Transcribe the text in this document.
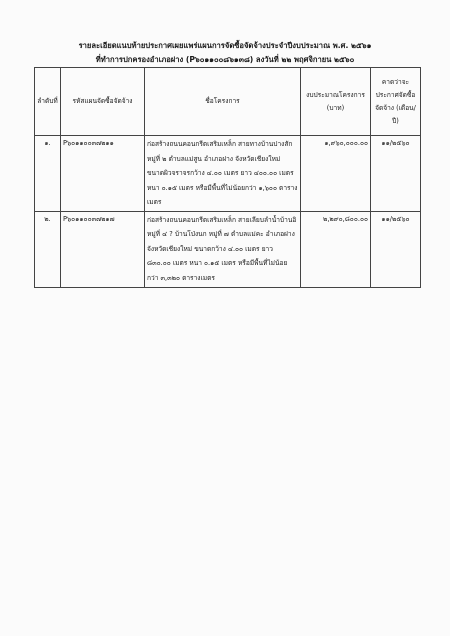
รายละเอียดแนบท้ายประกาศเผยแพร่แผนการจัดซื้อจัดจ้างประจำปีงบประมาณ พ.ศ. ๒๕๖๑
ที่ทำการปกครองอำเภอฝาง (P๖๐๑๑๐๐๘๖๑๓๘) ลงวันที่ ๒๒ พฤศจิกายน ๒๕๖๐
ลำดับที่	รหัสแผนจัดซื้อจัดจ้าง	ชื่อโครงการ	งบประมาณโครงการ (บาท)	คาดว่าจะประกาศจัดซื้อจัดจ้าง (เดือน/ปี)
๑.	P๖๐๑๑๐๐๓๗๒๑๑	ก่อสร้างถนนคอนกรีตเสริมเหล็ก สายทางบ้านปางสัก หมู่ที่ ๒ ตำบลแม่สูน อำเภอฝาง จังหวัดเชียงใหม่ ขนาดผิวจราจรกว้าง ๔.๐๐ เมตร ยาว ๔๐๐.๐๐ เมตร หนา ๐.๑๕ เมตร หรือมีพื้นที่ไม่น้อยกว่า ๑,๖๐๐ ตารางเมตร	๑,๙๖๐,๐๐๐.๐๐	๑๑/๒๕๖๐
๒.	P๖๐๑๑๐๐๓๗๒๑๗	ก่อสร้างถนนคอนกรีตเสริมเหล็ก สายเลียบลำน้ำบ้านอิหมู่ที่ ๔ ? บ้านโป่งนก หมู่ที่ ๗ ตำบลแม่คะ อำเภอฝาง จังหวัดเชียงใหม่ ขนาดกว้าง ๔.๐๐ เมตร ยาว ๘๓๐.๐๐ เมตร หนา ๐.๑๕ เมตร หรือมีพื้นที่ไม่น้อยกว่า ๓,๓๒๐ ตารางเมตร	๒,๒๙๐,๘๐๐.๐๐	๑๑/๒๕๖๐
